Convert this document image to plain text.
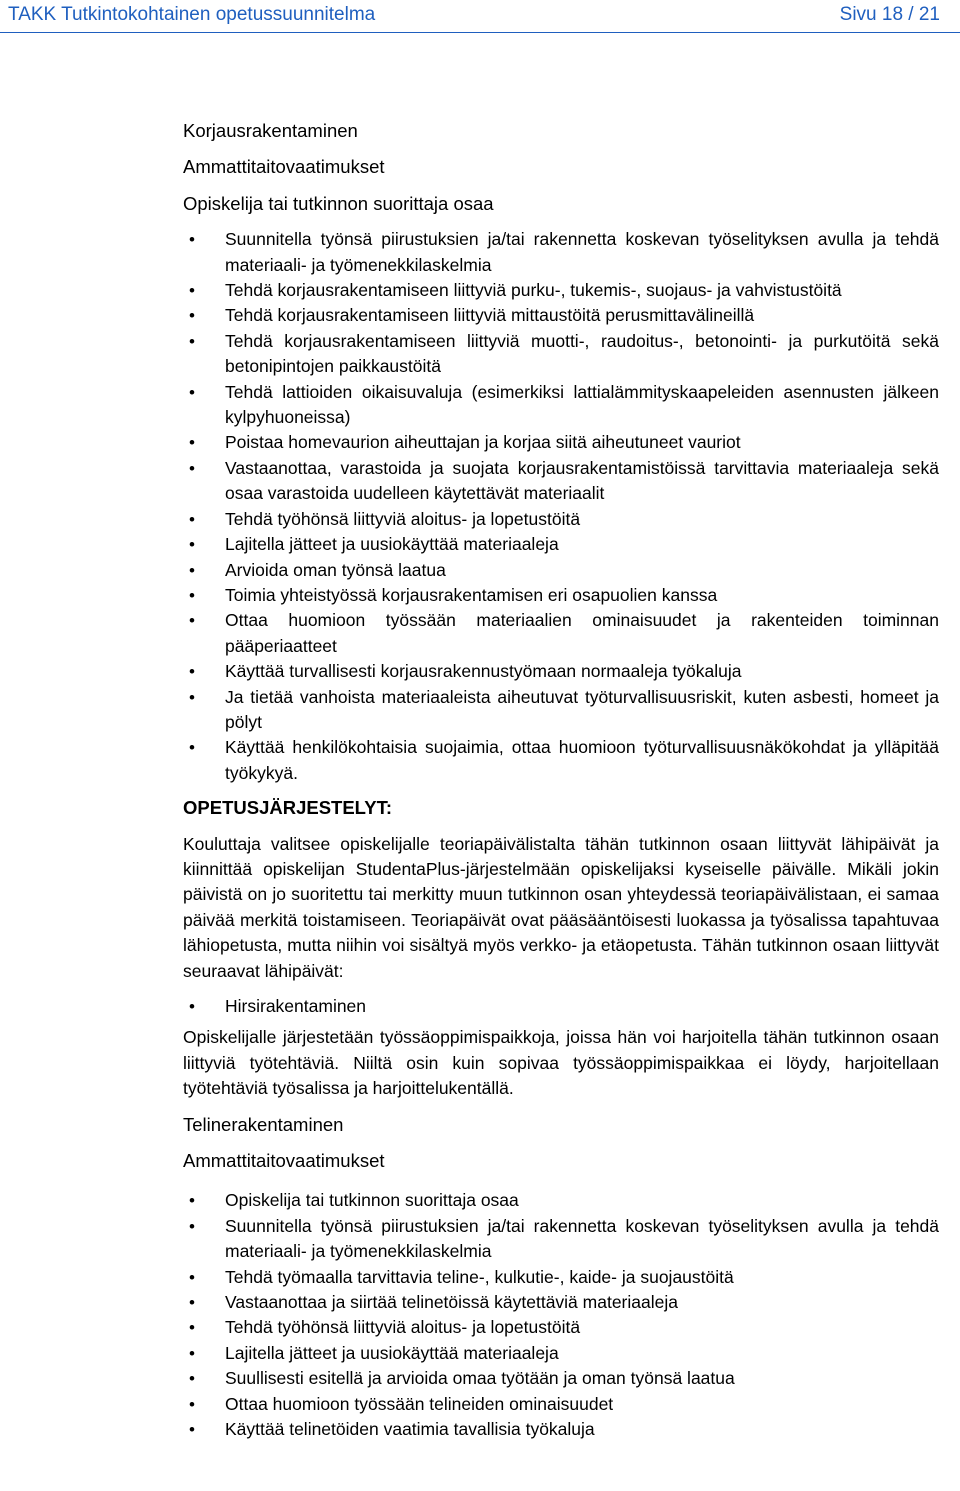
TAKK Tutkintokohtainen opetussuunnitelma	Sivu 18 / 21
Korjausrakentaminen
Ammattitaitovaatimukset
Opiskelija tai tutkinnon suorittaja osaa
• Suunnitella työnsä piirustuksien ja/tai rakennetta koskevan työselityksen avulla ja tehdä materiaali- ja työmenekkilaskelmia
• Tehdä korjausrakentamiseen liittyviä purku-, tukemis-, suojaus- ja vahvistustöitä
• Tehdä korjausrakentamiseen liittyviä mittaustöitä perusmittavälineillä
• Tehdä korjausrakentamiseen liittyviä muotti-, raudoitus-, betonointi- ja purkutöitä sekä betonipintojen paikkaustöitä
• Tehdä lattioiden oikaisuvaluja (esimerkiksi lattialämmityskaapeleiden asennusten jälkeen kylpyhuoneissa)
• Poistaa homevaurion aiheuttajan ja korjaa siitä aiheutuneet vauriot
• Vastaanottaa, varastoida ja suojata korjausrakentamistöissä tarvittavia materiaaleja sekä osaa varastoida uudelleen käytettävät materiaalit
• Tehdä työhönsä liittyviä aloitus- ja lopetustöitä
• Lajitella jätteet ja uusiokäyttää materiaaleja
• Arvioida oman työnsä laatua
• Toimia yhteistyössä korjausrakentamisen eri osapuolien kanssa
• Ottaa huomioon työssään materiaalien ominaisuudet ja rakenteiden toiminnan pääperiaatteet
• Käyttää turvallisesti korjausrakennustyömaan normaaleja työkaluja
• Ja tietää vanhoista materiaaleista aiheutuvat työturvallisuusriskit, kuten asbesti, homeet ja pölyt
• Käyttää henkilökohtaisia suojaimia, ottaa huomioon työturvallisuusnäkökohdat ja ylläpitää työkykyä.
OPETUSJÄRJESTELYT:

Kouluttaja valitsee opiskelijalle teoriapäivälistalta tähän tutkinnon osaan liittyvät lähipäivät ja kiinnittää opiskelijan StudentaPlus-järjestelmään opiskelijaksi kyseiselle päivälle. Mikäli jokin päivistä on jo suoritettu tai merkitty muun tutkinnon osan yhteydessä teoriapäivälistaan, ei samaa päivää merkitä toistamiseen. Teoriapäivät ovat pääsääntöisesti luokassa ja työsalissa tapahtuvaa lähiopetusta, mutta niihin voi sisältyä myös verkko- ja etäopetusta. Tähän tutkinnon osaan liittyvät seuraavat lähipäivät:

• Hirsirakentaminen

Opiskelijalle järjestetään työssäoppimispaikkoja, joissa hän voi harjoitella tähän tutkinnon osaan liittyviä työtehtäviä. Niiltä osin kuin sopivaa työssäoppimispaikkaa ei löydy, harjoitellaan työtehtäviä työsalissa ja harjoittelukentällä.

Telinerakentaminen
Ammattitaitovaatimukset
• Opiskelija tai tutkinnon suorittaja osaa
• Suunnitella työnsä piirustuksien ja/tai rakennetta koskevan työselityksen avulla ja tehdä materiaali- ja työmenekkilaskelmia
• Tehdä työmaalla tarvittavia teline-, kulkutie-, kaide- ja suojaustöitä
• Vastaanottaa ja siirtää telinetöissä käytettäviä materiaaleja
• Tehdä työhönsä liittyviä aloitus- ja lopetustöitä
• Lajitella jätteet ja uusiokäyttää materiaaleja
• Suullisesti esitellä ja arvioida omaa työtään ja oman työnsä laatua
• Ottaa huomioon työssään telineiden ominaisuudet
• Käyttää telinetöiden vaatimia tavallisia työkaluja
